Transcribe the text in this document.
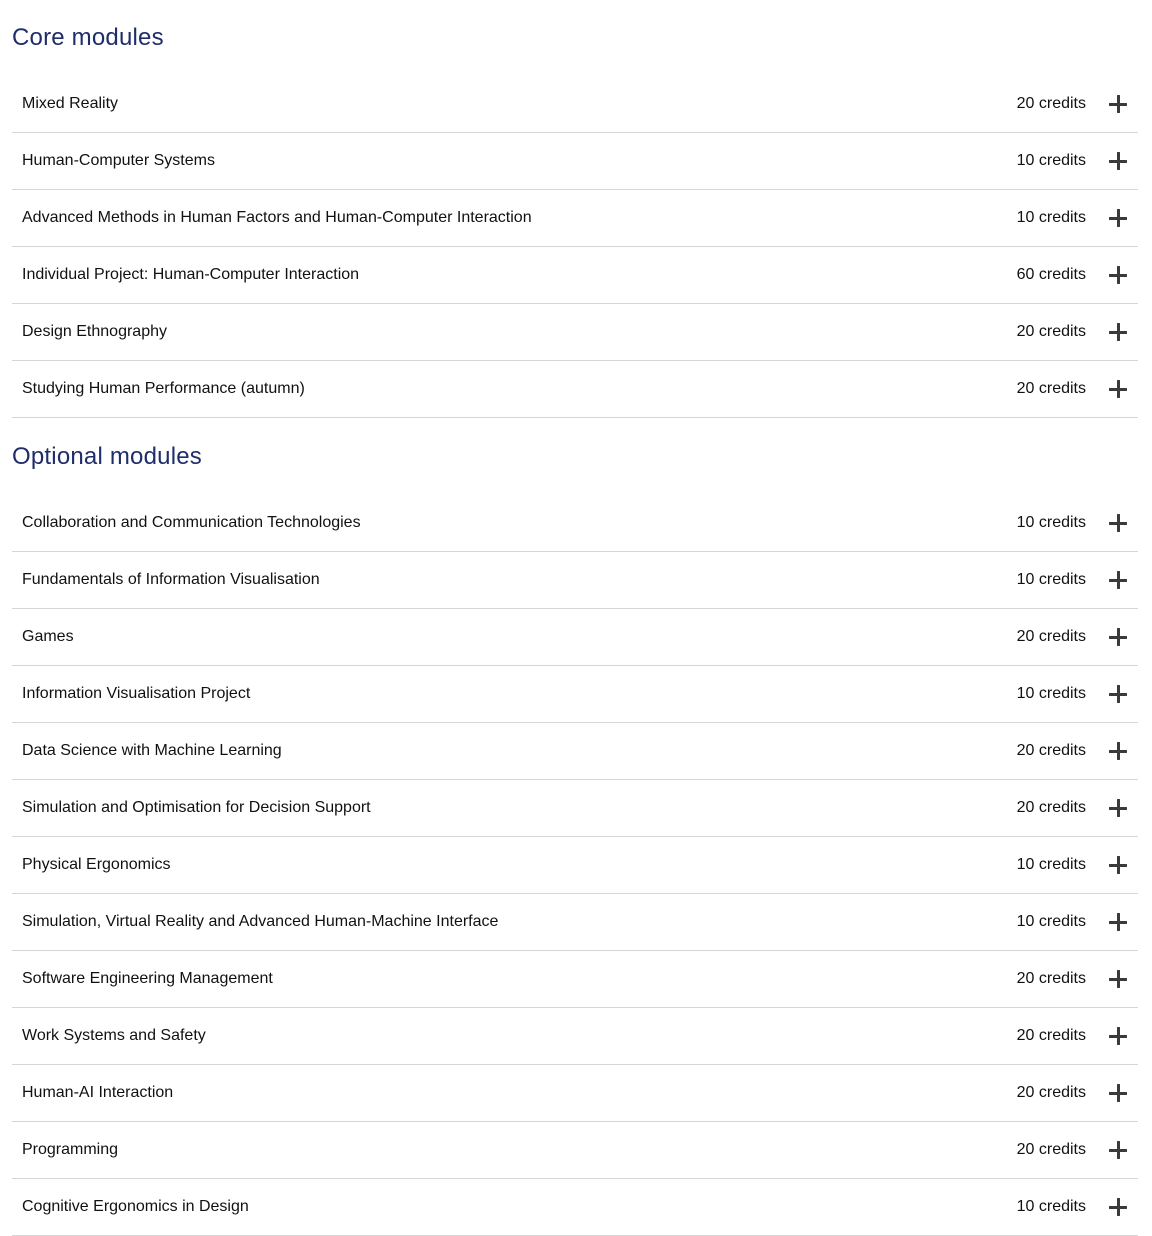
Core modules
Mixed Reality	20 credits
Human-Computer Systems	10 credits
Advanced Methods in Human Factors and Human-Computer Interaction	10 credits
Individual Project: Human-Computer Interaction	60 credits
Design Ethnography	20 credits
Studying Human Performance (autumn)	20 credits
Optional modules
Collaboration and Communication Technologies	10 credits
Fundamentals of Information Visualisation	10 credits
Games	20 credits
Information Visualisation Project	10 credits
Data Science with Machine Learning	20 credits
Simulation and Optimisation for Decision Support	20 credits
Physical Ergonomics	10 credits
Simulation, Virtual Reality and Advanced Human-Machine Interface	10 credits
Software Engineering Management	20 credits
Work Systems and Safety	20 credits
Human-AI Interaction	20 credits
Programming	20 credits
Cognitive Ergonomics in Design	10 credits
